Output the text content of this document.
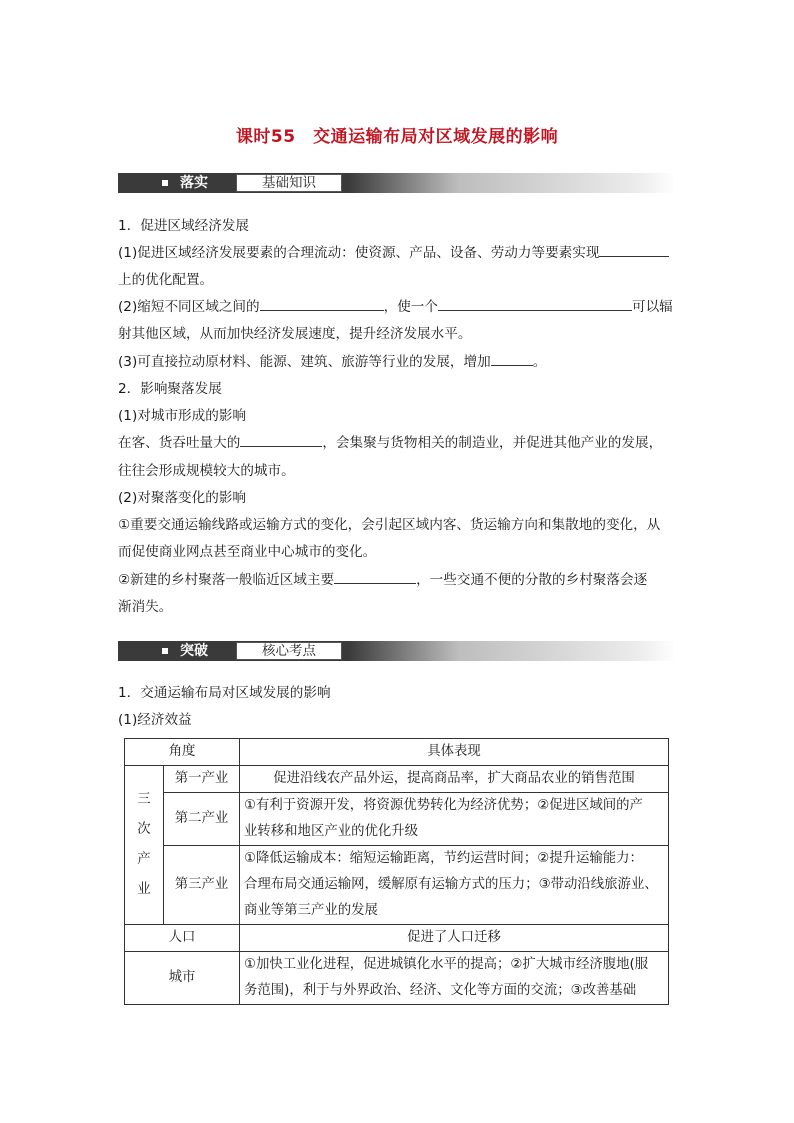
课时55　交通运输布局对区域发展的影响
落实	基础知识
1．促进区域经济发展
(1)促进区域经济发展要素的合理流动：使资源、产品、设备、劳动力等要素实现
上的优化配置。
(2)缩短不同区域之间的	，使一个	可以辐
射其他区域，从而加快经济发展速度，提升经济发展水平。
(3)可直接拉动原材料、能源、建筑、旅游等行业的发展，增加	。
2．影响聚落发展
(1)对城市形成的影响
在客、货吞吐量大的	，会集聚与货物相关的制造业，并促进其他产业的发展，
往往会形成规模较大的城市。
(2)对聚落变化的影响
①重要交通运输线路或运输方式的变化，会引起区域内客、货运输方向和集散地的变化，从
而促使商业网点甚至商业中心城市的变化。
②新建的乡村聚落一般临近区域主要	，一些交通不便的分散的乡村聚落会逐
渐消失。
突破	核心考点
1．交通运输布局对区域发展的影响
(1)经济效益
角度		具体表现
三
次
产
业	第一产业	促进沿线农产品外运，提高商品率，扩大商品农业的销售范围
	第二产业	①有利于资源开发，将资源优势转化为经济优势；②促进区域间的产
业转移和地区产业的优化升级

	第三产业	①降低运输成本：缩短运输距离，节约运营时间；②提升运输能力：
合理布局交通运输网，缓解原有运输方式的压力；③带动沿线旅游业、
商业等第三产业的发展

人口		促进了人口迁移
城市		①加快工业化进程，促进城镇化水平的提高；②扩大城市经济腹地(服
务范围)，利于与外界政治、经济、文化等方面的交流；③改善基础
